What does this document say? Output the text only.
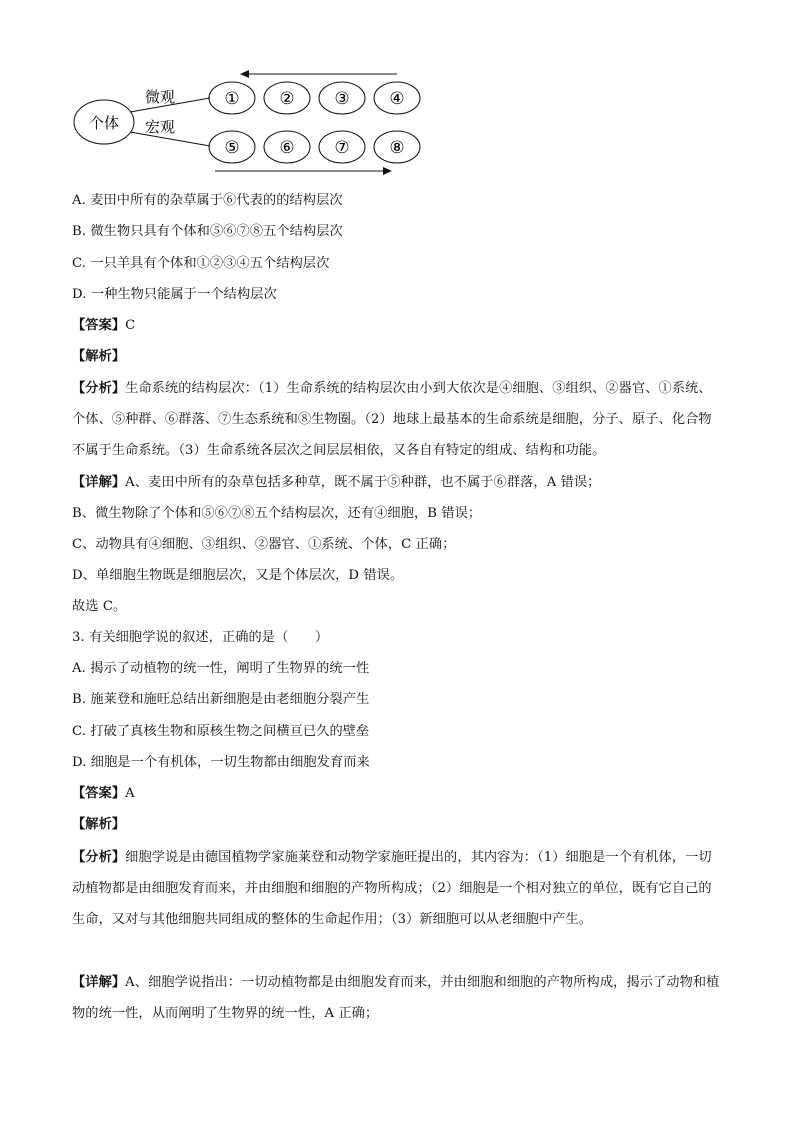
个体
微观
宏观
① ② ③ ④
⑤ ⑥ ⑦ ⑧
A. 麦田中所有的杂草属于⑥代表的的结构层次
B. 微生物只具有个体和⑤⑥⑦⑧五个结构层次
C. 一只羊具有个体和①②③④五个结构层次
D. 一种生物只能属于一个结构层次
【答案】C
【解析】
【分析】生命系统的结构层次：（1）生命系统的结构层次由小到大依次是④细胞、③组织、②器官、①系统、个体、⑤种群、⑥群落、⑦生态系统和⑧生物圈。（2）地球上最基本的生命系统是细胞，分子、原子、化合物不属于生命系统。（3）生命系统各层次之间层层相依，又各自有特定的组成、结构和功能。
【详解】A、麦田中所有的杂草包括多种草，既不属于⑤种群，也不属于⑥群落，A 错误；
B、微生物除了个体和⑤⑥⑦⑧五个结构层次，还有④细胞，B 错误；
C、动物具有④细胞、③组织、②器官、①系统、个体，C 正确；
D、单细胞生物既是细胞层次，又是个体层次，D 错误。
故选 C。
3. 有关细胞学说的叙述，正确的是（　　）
A. 揭示了动植物的统一性，阐明了生物界的统一性
B. 施莱登和施旺总结出新细胞是由老细胞分裂产生
C. 打破了真核生物和原核生物之间横亘已久的壁垒
D. 细胞是一个有机体，一切生物都由细胞发育而来
【答案】A
【解析】
【分析】细胞学说是由德国植物学家施莱登和动物学家施旺提出的，其内容为：（1）细胞是一个有机体，一切动植物都是由细胞发育而来，并由细胞和细胞的产物所构成；（2）细胞是一个相对独立的单位，既有它自己的生命，又对与其他细胞共同组成的整体的生命起作用；（3）新细胞可以从老细胞中产生。
【详解】A、细胞学说指出：一切动植物都是由细胞发育而来，并由细胞和细胞的产物所构成，揭示了动物和植物的统一性，从而阐明了生物界的统一性，A 正确；
